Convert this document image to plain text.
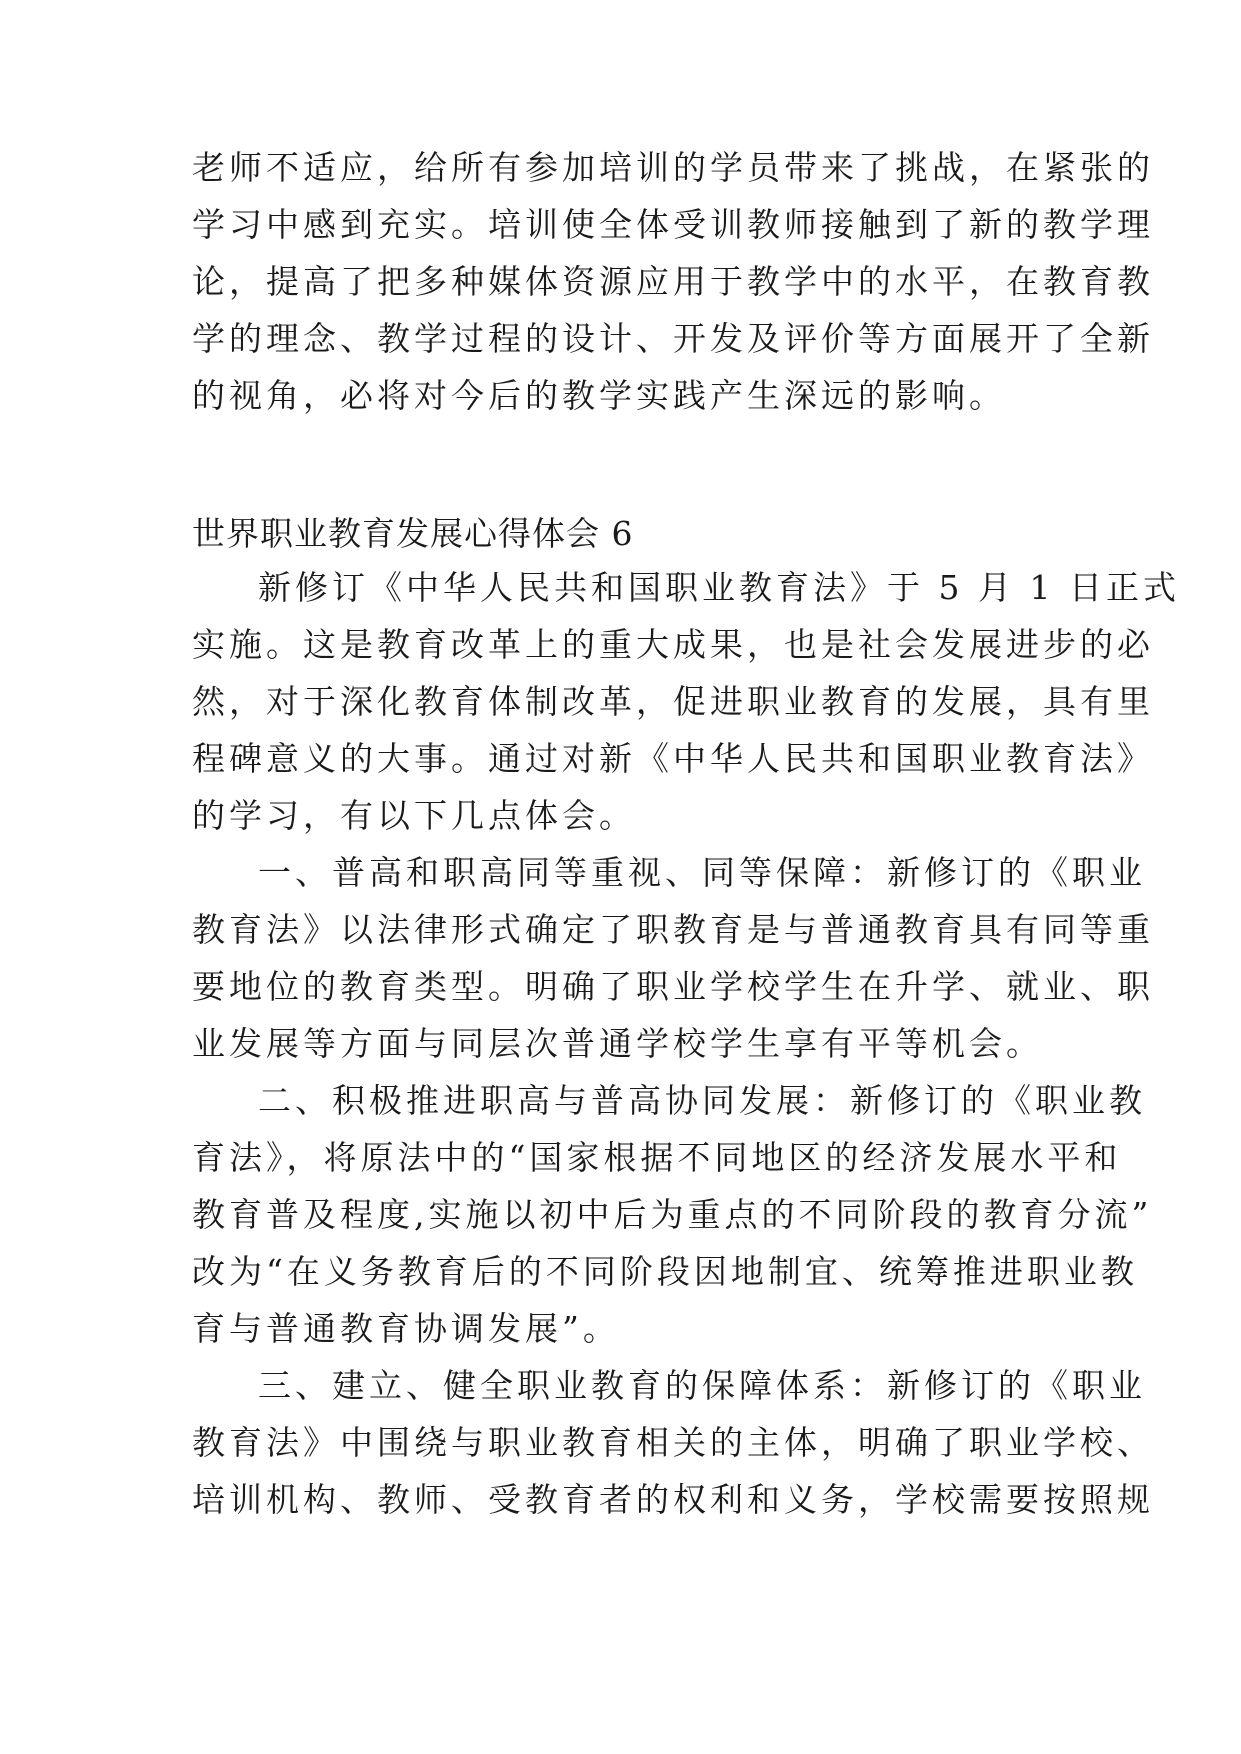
老师不适应，给所有参加培训的学员带来了挑战，在紧张的
学习中感到充实。培训使全体受训教师接触到了新的教学理
论，提高了把多种媒体资源应用于教学中的水平，在教育教
学的理念、教学过程的设计、开发及评价等方面展开了全新
的视角，必将对今后的教学实践产生深远的影响。
世界职业教育发展心得体会 6
新修订《中华人民共和国职业教育法》于 5 月 1 日正式
实施。这是教育改革上的重大成果，也是社会发展进步的必
然，对于深化教育体制改革，促进职业教育的发展，具有里
程碑意义的大事。通过对新《中华人民共和国职业教育法》
的学习，有以下几点体会。
一、普高和职高同等重视、同等保障：新修订的《职业
教育法》以法律形式确定了职教育是与普通教育具有同等重
要地位的教育类型。明确了职业学校学生在升学、就业、职
业发展等方面与同层次普通学校学生享有平等机会。
二、积极推进职高与普高协同发展：新修订的《职业教
育法》，将原法中的“国家根据不同地区的经济发展水平和
教育普及程度,实施以初中后为重点的不同阶段的教育分流”
改为“在义务教育后的不同阶段因地制宜、统筹推进职业教
育与普通教育协调发展”。
三、建立、健全职业教育的保障体系：新修订的《职业
教育法》中围绕与职业教育相关的主体，明确了职业学校、
培训机构、教师、受教育者的权利和义务，学校需要按照规
